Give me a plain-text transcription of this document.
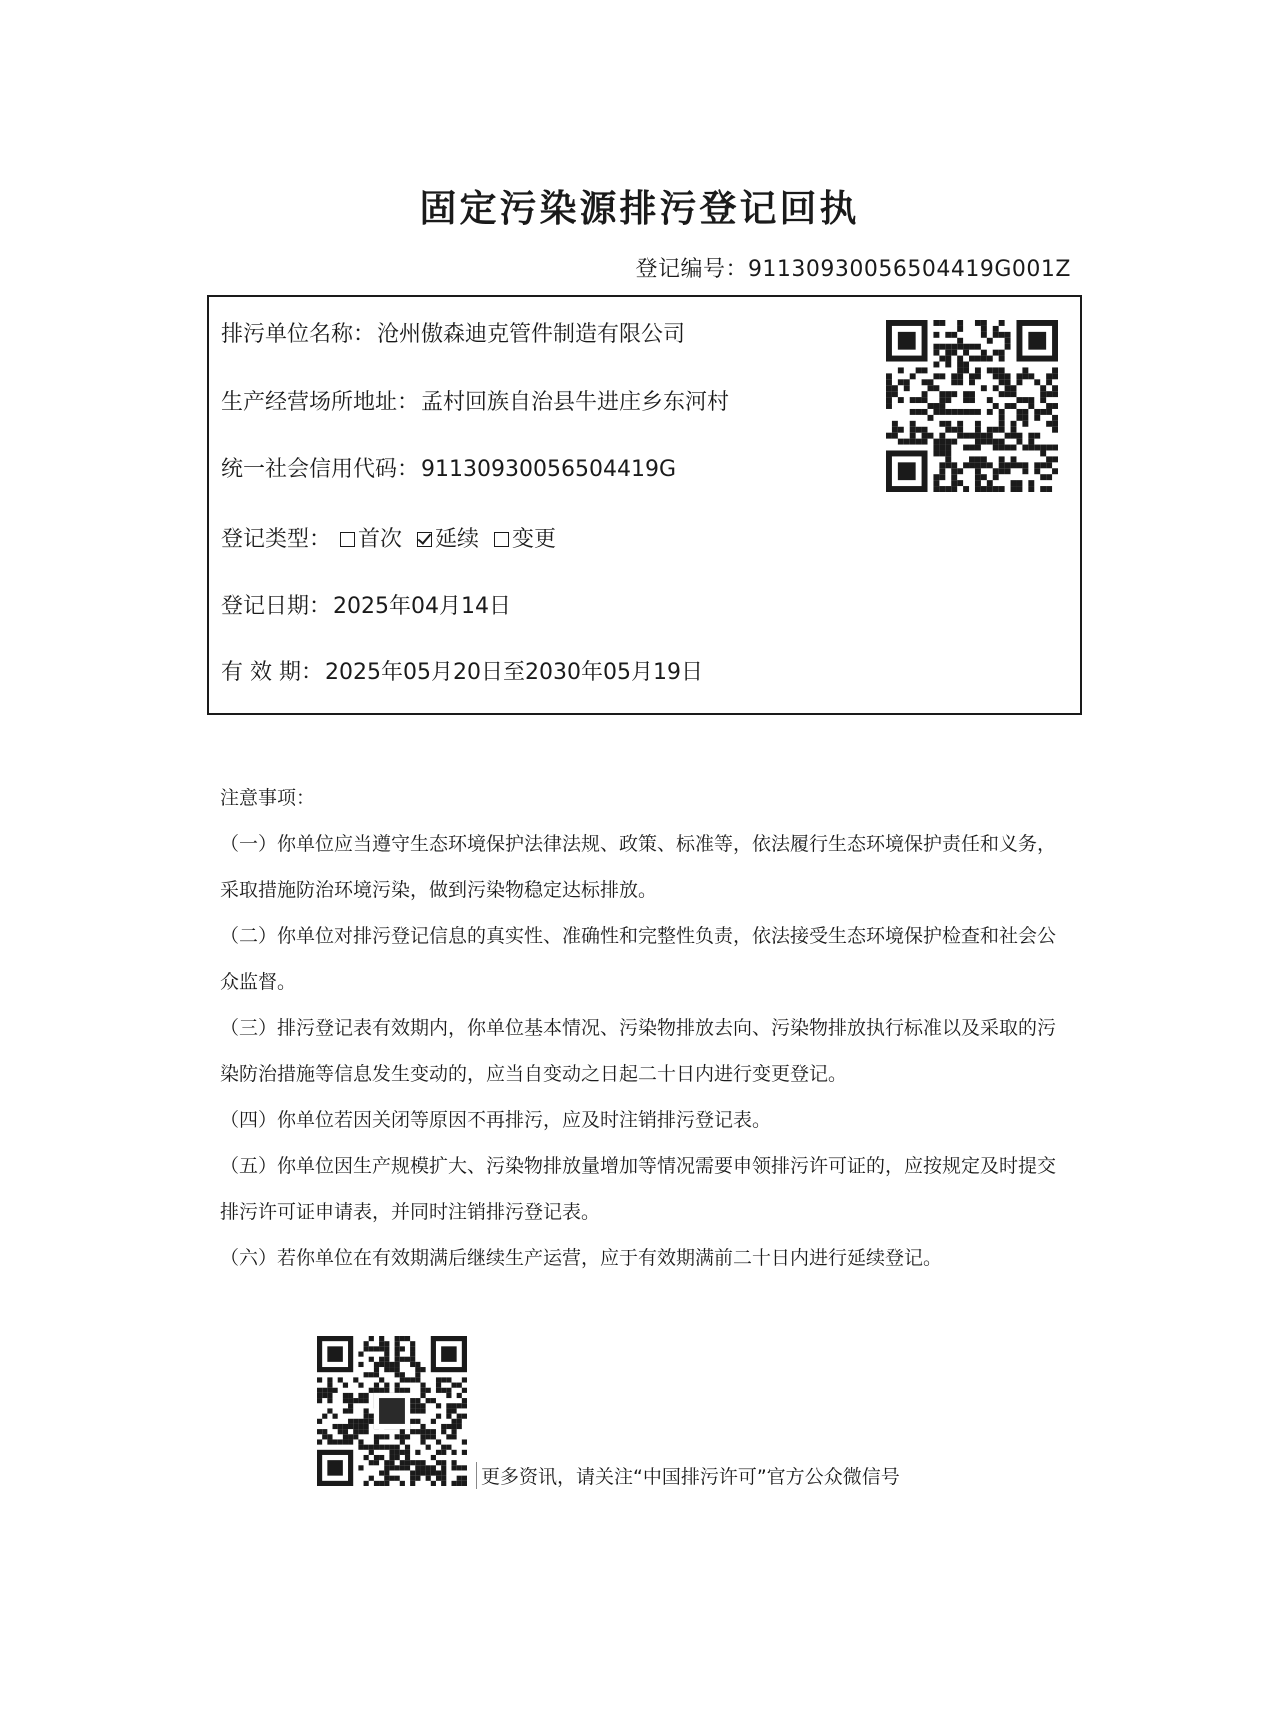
固定污染源排污登记回执
登记编号：91130930056504419G001Z
排污单位名称：沧州傲森迪克管件制造有限公司
生产经营场所地址：孟村回族自治县牛进庄乡东河村
统一社会信用代码：91130930056504419G
登记类型： 首次 延续 变更
登记日期：2025年04月14日
有 效 期：2025年05月20日至2030年05月19日

注意事项：

（一）你单位应当遵守生态环境保护法律法规、政策、标准等，依法履行生态环境保护责任和义务，采取措施防治环境污染，做到污染物稳定达标排放。

（二）你单位对排污登记信息的真实性、准确性和完整性负责，依法接受生态环境保护检查和社会公众监督。

（三）排污登记表有效期内，你单位基本情况、污染物排放去向、污染物排放执行标准以及采取的污染防治措施等信息发生变动的，应当自变动之日起二十日内进行变更登记。

（四）你单位若因关闭等原因不再排污，应及时注销排污登记表。

（五）你单位因生产规模扩大、污染物排放量增加等情况需要申领排污许可证的，应按规定及时提交排污许可证申请表，并同时注销排污登记表。

（六）若你单位在有效期满后继续生产运营，应于有效期满前二十日内进行延续登记。

更多资讯，请关注“中国排污许可”官方公众微信号
